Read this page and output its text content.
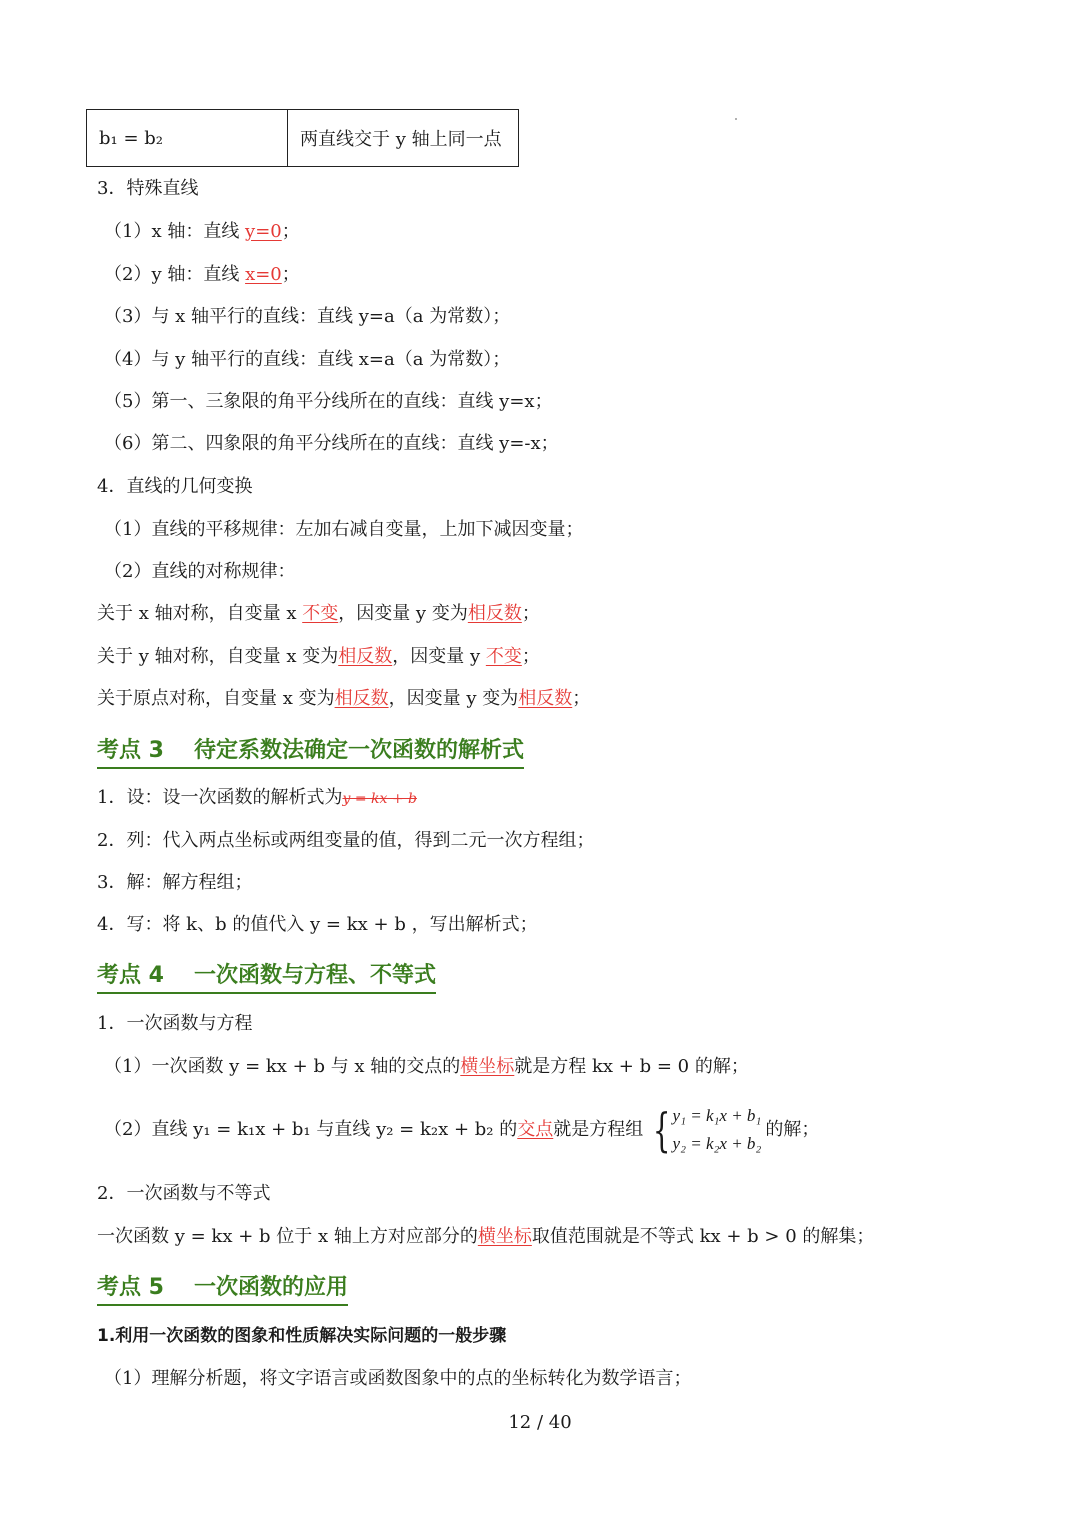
b₁ = b₂	两直线交于 y 轴上同一点
3．特殊直线
（1）x 轴：直线 y=0；
（2）y 轴：直线 x=0；
（3）与 x 轴平行的直线：直线 y=a（a 为常数）；
（4）与 y 轴平行的直线：直线 x=a（a 为常数）；
（5）第一、三象限的角平分线所在的直线：直线 y=x；
（6）第二、四象限的角平分线所在的直线：直线 y=-x；
4．直线的几何变换
（1）直线的平移规律：左加右减自变量，上加下减因变量；
（2）直线的对称规律：
关于 x 轴对称，自变量 x 不变，因变量 y 变为相反数；
关于 y 轴对称，自变量 x 变为相反数，因变量 y 不变；
关于原点对称，自变量 x 变为相反数，因变量 y 变为相反数；
考点 3 待定系数法确定一次函数的解析式
1．设：设一次函数的解析式为y = kx + b
2．列：代入两点坐标或两组变量的值，得到二元一次方程组；
3．解：解方程组；
4．写：将 k、b 的值代入 y = kx + b ，写出解析式；
考点 4 一次函数与方程、不等式
1．一次函数与方程
（1）一次函数 y = kx + b 与 x 轴的交点的横坐标就是方程 kx + b = 0 的解；
（2）直线 y₁ = k₁x + b₁ 与直线 y₂ = k₂x + b₂ 的 交点 就是方程组 { y₁ = k₁x + b₁
y₂ = k₂x + b₂
的解；
2．一次函数与不等式
一次函数 y = kx + b 位于 x 轴上方对应部分的横坐标取值范围就是不等式 kx + b > 0 的解集；
考点 5 一次函数的应用
1.利用一次函数的图象和性质解决实际问题的一般步骤
（1）理解分析题，将文字语言或函数图象中的点的坐标转化为数学语言；
12 / 40
